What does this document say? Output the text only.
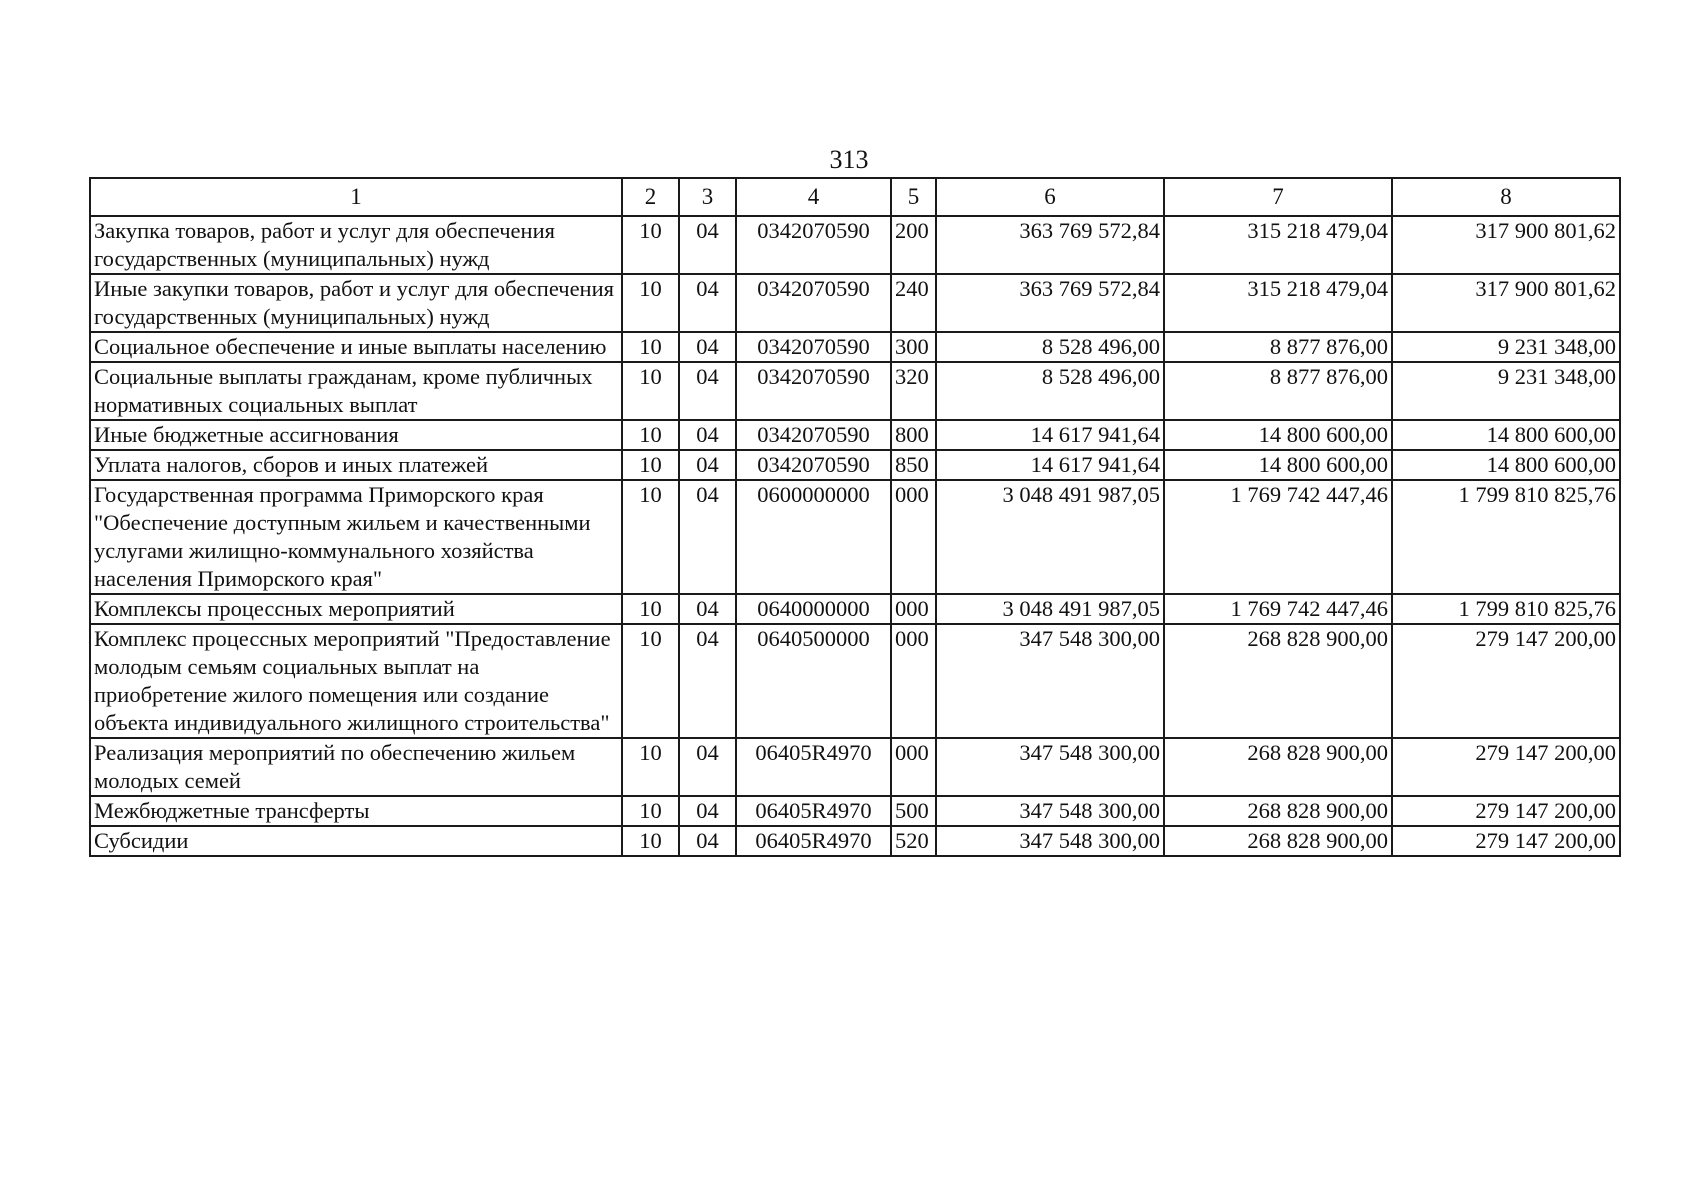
313
1	2	3	4	5	6	7	8
Закупка товаров, работ и услуг для обеспечения государственных (муниципальных) нужд	10	04	0342070590	200	363 769 572,84	315 218 479,04	317 900 801,62
Иные закупки товаров, работ и услуг для обеспечения государственных (муниципальных) нужд	10	04	0342070590	240	363 769 572,84	315 218 479,04	317 900 801,62
Социальное обеспечение и иные выплаты населению	10	04	0342070590	300	8 528 496,00	8 877 876,00	9 231 348,00
Социальные выплаты гражданам, кроме публичных нормативных социальных выплат	10	04	0342070590	320	8 528 496,00	8 877 876,00	9 231 348,00
Иные бюджетные ассигнования	10	04	0342070590	800	14 617 941,64	14 800 600,00	14 800 600,00
Уплата налогов, сборов и иных платежей	10	04	0342070590	850	14 617 941,64	14 800 600,00	14 800 600,00
Государственная программа Приморского края "Обеспечение доступным жильем и качественными услугами жилищно-коммунального хозяйства населения Приморского края"	10	04	0600000000	000	3 048 491 987,05	1 769 742 447,46	1 799 810 825,76
Комплексы процессных мероприятий	10	04	0640000000	000	3 048 491 987,05	1 769 742 447,46	1 799 810 825,76
Комплекс процессных мероприятий "Предоставление молодым семьям социальных выплат на приобретение жилого помещения или создание объекта индивидуального жилищного строительства"	10	04	0640500000	000	347 548 300,00	268 828 900,00	279 147 200,00
Реализация мероприятий по обеспечению жильем молодых семей	10	04	06405R4970	000	347 548 300,00	268 828 900,00	279 147 200,00
Межбюджетные трансферты	10	04	06405R4970	500	347 548 300,00	268 828 900,00	279 147 200,00
Субсидии	10	04	06405R4970	520	347 548 300,00	268 828 900,00	279 147 200,00
